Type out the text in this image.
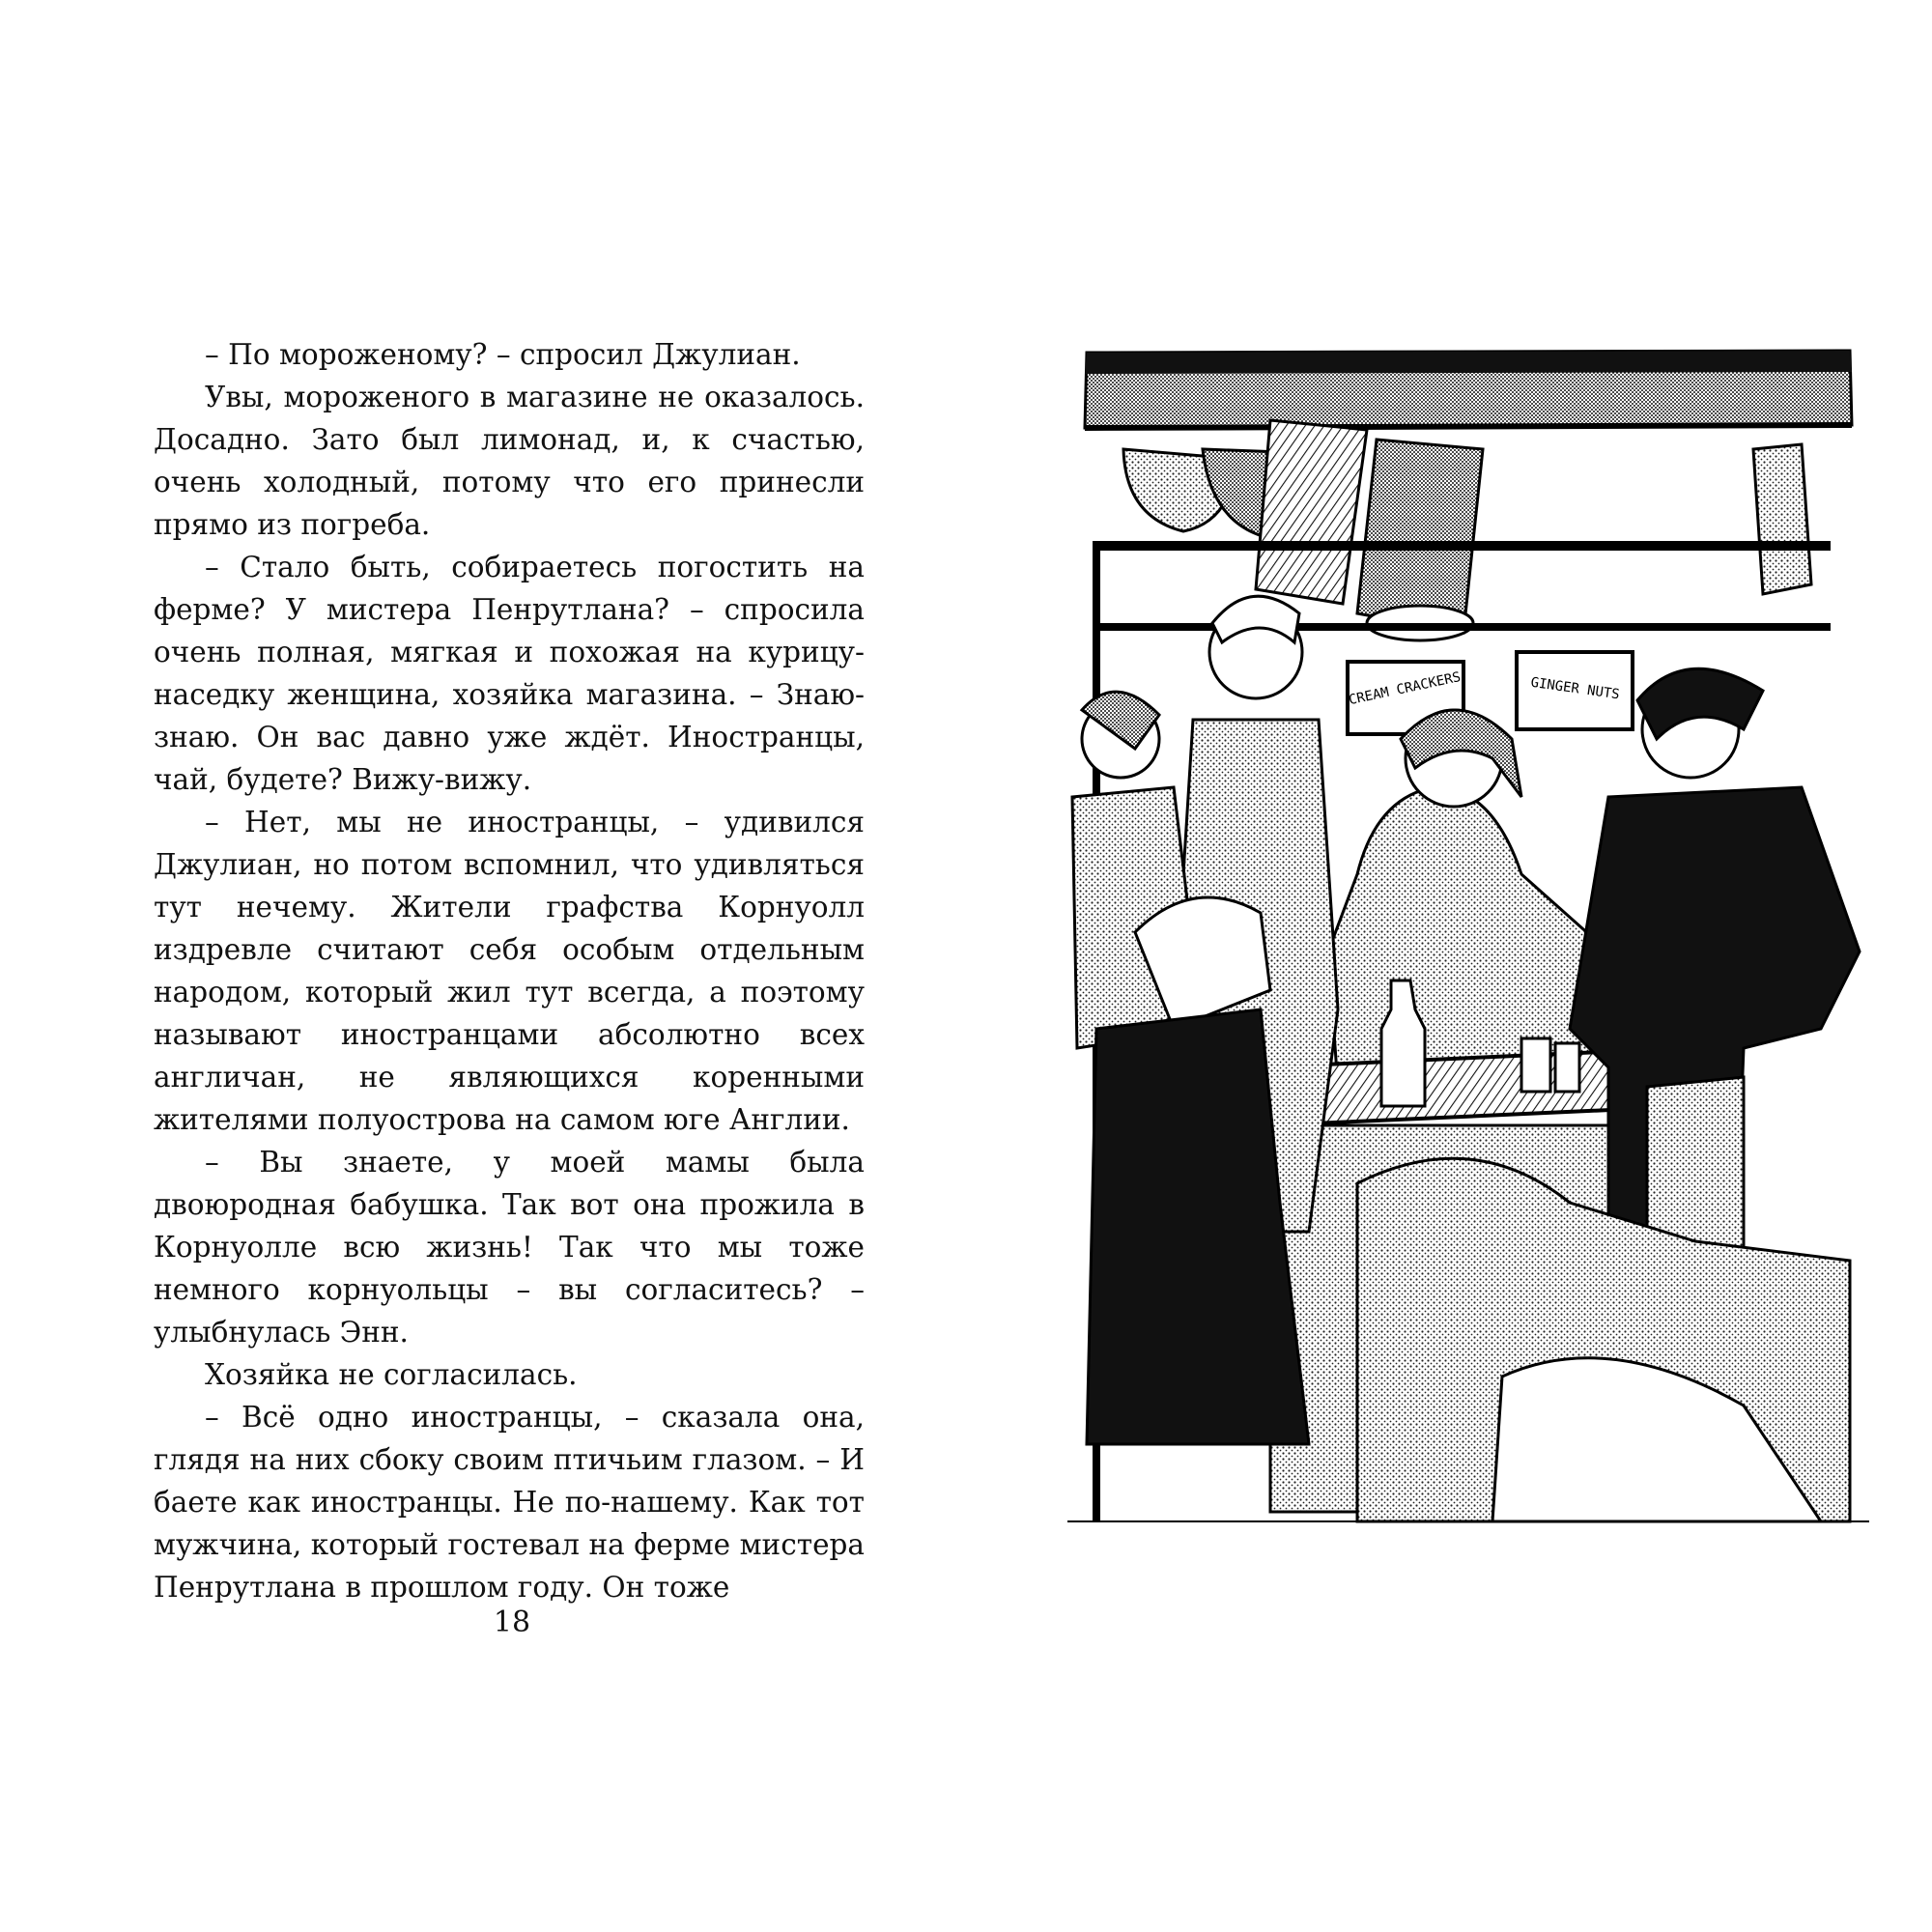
– По мороженому? – спросил Джулиан.

Увы, мороженого в магазине не оказалось. Досадно. Зато был лимонад, и, к счастью, очень холодный, потому что его принесли прямо из погреба.

– Стало быть, собираетесь погостить на ферме? У мистера Пенрутлана? – спросила очень полная, мягкая и похожая на курицу-наседку женщина, хозяйка магазина. – Знаю-знаю. Он вас давно уже ждёт. Иностранцы, чай, будете? Вижу-вижу.

– Нет, мы не иностранцы, – удивился Джулиан, но потом вспомнил, что удивляться тут нечему. Жители графства Корнуолл издревле считают себя особым отдельным народом, который жил тут всегда, а поэтому называют иностранцами абсолютно всех англичан, не являющихся коренными жителями полуострова на самом юге Англии.

– Вы знаете, у моей мамы была двоюродная бабушка. Так вот она прожила в Корнуолле всю жизнь! Так что мы тоже немного корнуольцы – вы согласитесь? – улыбнулась Энн.

Хозяйка не согласилась.

– Всё одно иностранцы, – сказала она, глядя на них сбоку своим птичьим глазом. – И баете как иностранцы. Не по-нашему. Как тот мужчина, который гостевал на ферме мистера Пенрутлана в прошлом году. Он тоже

18
CREAM CRACKERS	GINGER NUTS
